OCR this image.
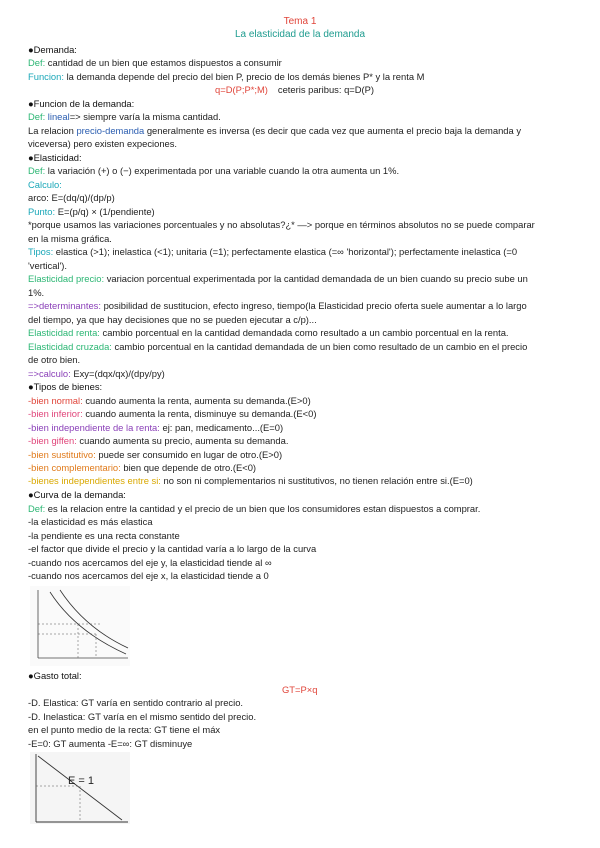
Tema 1
La elasticidad de la demanda
●Demanda:
Def: cantidad de un bien que estamos dispuestos a consumir
Funcion: la demanda depende del precio del bien P, precio de los demás bienes P* y la renta M
q=D(P;P*;M) ceteris paribus: q=D(P)
●Funcion de la demanda:
Def: lineal=> siempre varía la misma cantidad.
La relacion precio-demanda generalmente es inversa (es decir que cada vez que aumenta el precio baja la demanda y
viceversa) pero existen expeciones.
●Elasticidad:
Def: la variación (+) o (−) experimentada por una variable cuando la otra aumenta un 1%.
Calculo:
arco: E=(dq/q)/(dp/p)
Punto: E=(p/q) × (1/pendiente)
*porque usamos las variaciones porcentuales y no absolutas?¿* —> porque en términos absolutos no se puede comparar
en la misma gráfica.
Tipos: elastica (>1); inelastica (<1); unitaria (=1); perfectamente elastica (=∞ 'horizontal'); perfectamente inelastica (=0
'vertical').
Elasticidad precio: variacion porcentual experimentada por la cantidad demandada de un bien cuando su precio sube un
1%.
=>determinantes: posibilidad de sustitucion, efecto ingreso, tiempo(la Elasticidad precio oferta suele aumentar a lo largo
del tiempo, ya que hay decisiones que no se pueden ejecutar a c/p)...
Elasticidad renta: cambio porcentual en la cantidad demandada como resultado a un cambio porcentual en la renta.
Elasticidad cruzada: cambio porcentual en la cantidad demandada de un bien como resultado de un cambio en el precio
de otro bien.
=>calculo: Exy=(dqx/qx)/(dpy/py)
●Tipos de bienes:
-bien normal: cuando aumenta la renta, aumenta su demanda.(E>0)
-bien inferior: cuando aumenta la renta, disminuye su demanda.(E<0)
-bien independiente de la renta: ej: pan, medicamento...(E=0)
-bien giffen: cuando aumenta su precio, aumenta su demanda.
-bien sustitutivo: puede ser consumido en lugar de otro.(E>0)
-bien complementario: bien que depende de otro.(E<0)
-bienes independientes entre si: no son ni complementarios ni sustitutivos, no tienen relación entre si.(E=0)
●Curva de la demanda:
Def: es la relacion entre la cantidad y el precio de un bien que los consumidores estan dispuestos a comprar.
-la elasticidad es más elastica
-la pendiente es una recta constante
-el factor que divide el precio y la cantidad varía a lo largo de la curva
-cuando nos acercamos del eje y, la elasticidad tiende al ∞
-cuando nos acercamos del eje x, la elasticidad tiende a 0
●Gasto total:
GT=P×q
-D. Elastica: GT varía en sentido contrario al precio.
-D. Inelastica: GT varía en el mismo sentido del precio.
en el punto medio de la recta: GT tiene el máx
-E=0: GT aumenta -E=∞: GT disminuye
E = 1
